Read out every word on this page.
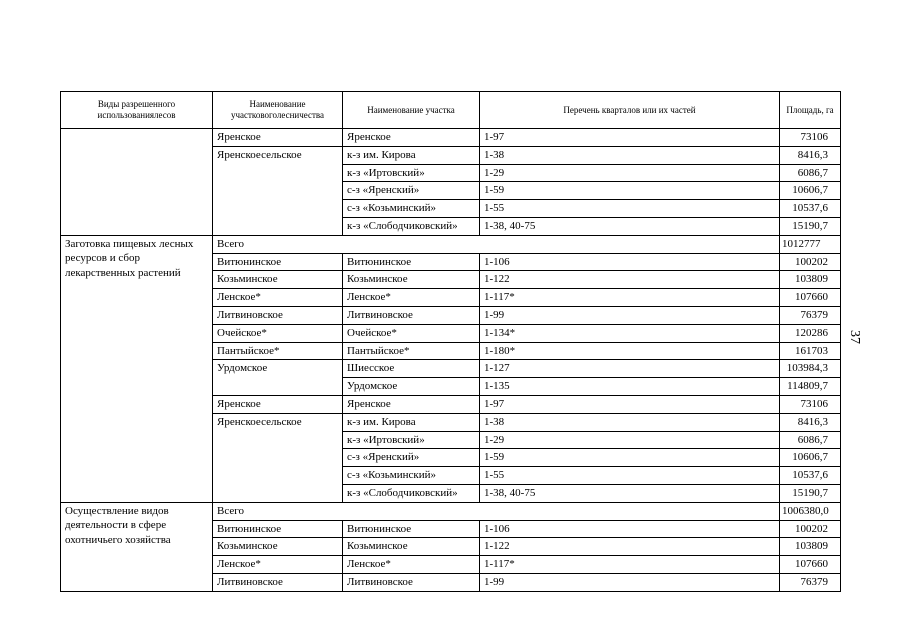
Виды разрешенного использованиялесов	Наименование участковоголесничества	Наименование участка	Перечень кварталов или их частей	Площадь, га
	Яренское	Яренское	1-97	73106
	Яренскоесельское	к-з им. Кирова	1-38	8416,3
		к-з «Иртовский»	1-29	6086,7
		с-з «Яренский»	1-59	10606,7
		с-з «Козьминский»	1-55	10537,6
		к-з «Слободчиковский»	1-38, 40-75	15190,7
Заготовка пищевых лесных ресурсов и сбор лекарственных растений	Всего			1012777
	Витюнинское	Витюнинское	1-106	100202
	Козьминское	Козьминское	1-122	103809
	Ленское*	Ленское*	1-117*	107660
	Литвиновское	Литвиновское	1-99	76379
	Очейское*	Очейское*	1-134*	120286
	Пантыйское*	Пантыйское*	1-180*	161703
	Урдомское	Шиесское	1-127	103984,3
		Урдомское	1-135	114809,7
	Яренское	Яренское	1-97	73106
	Яренскоесельское	к-з им. Кирова	1-38	8416,3
		к-з «Иртовский»	1-29	6086,7
		с-з «Яренский»	1-59	10606,7
		с-з «Козьминский»	1-55	10537,6
		к-з «Слободчиковский»	1-38, 40-75	15190,7
Осуществление видов деятельности в сфере охотничьего хозяйства	Всего			1006380,0
	Витюнинское	Витюнинское	1-106	100202
	Козьминское	Козьминское	1-122	103809
	Ленское*	Ленское*	1-117*	107660
	Литвиновское	Литвиновское	1-99	76379
37
